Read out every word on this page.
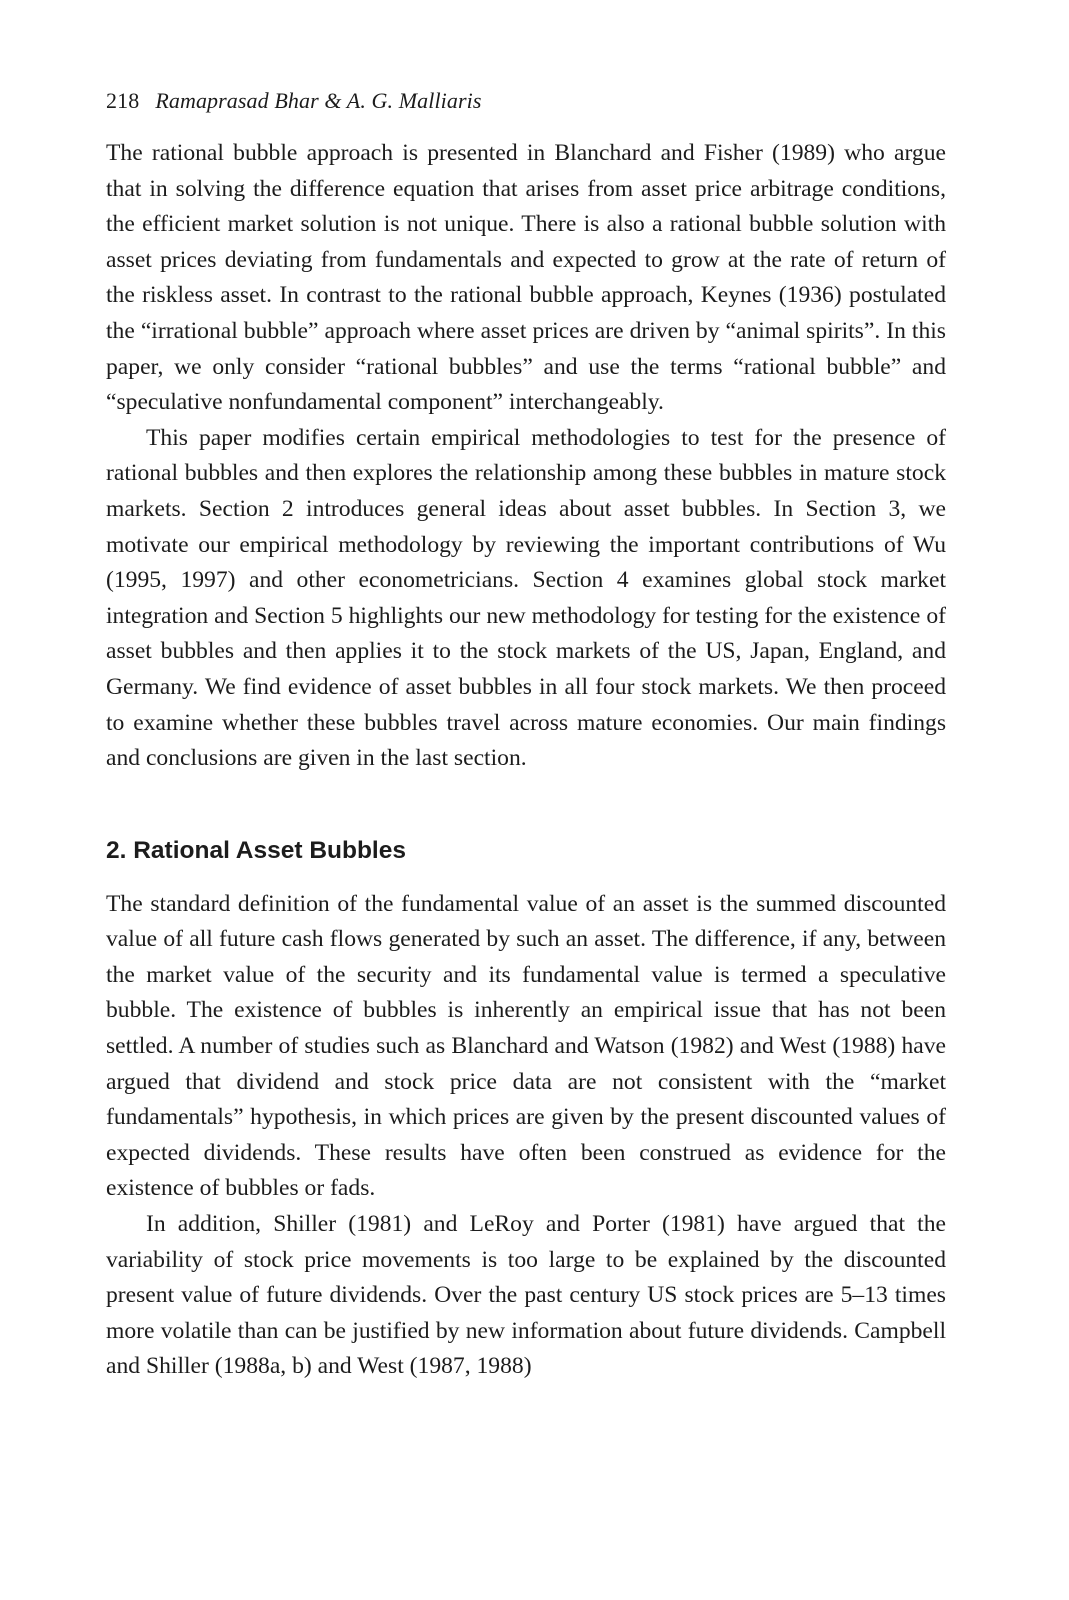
218 Ramaprasad Bhar & A. G. Malliaris

The rational bubble approach is presented in Blanchard and Fisher (1989) who argue that in solving the difference equation that arises from asset price arbitrage conditions, the efficient market solution is not unique. There is also a rational bubble solution with asset prices deviating from fundamentals and expected to grow at the rate of return of the riskless asset. In contrast to the rational bubble approach, Keynes (1936) postulated the “irrational bubble” approach where asset prices are driven by “animal spirits”. In this paper, we only consider “rational bubbles” and use the terms “rational bubble” and “speculative nonfundamental component” interchangeably.

This paper modifies certain empirical methodologies to test for the presence of rational bubbles and then explores the relationship among these bubbles in mature stock markets. Section 2 introduces general ideas about asset bubbles. In Section 3, we motivate our empirical methodology by reviewing the important contributions of Wu (1995, 1997) and other econometricians. Section 4 examines global stock market integration and Section 5 highlights our new methodology for testing for the existence of asset bubbles and then applies it to the stock markets of the US, Japan, England, and Germany. We find evidence of asset bubbles in all four stock markets. We then proceed to examine whether these bubbles travel across mature economies. Our main findings and conclusions are given in the last section.

2. Rational Asset Bubbles

The standard definition of the fundamental value of an asset is the summed discounted value of all future cash flows generated by such an asset. The difference, if any, between the market value of the security and its fundamental value is termed a speculative bubble. The existence of bubbles is inherently an empirical issue that has not been settled. A number of studies such as Blanchard and Watson (1982) and West (1988) have argued that dividend and stock price data are not consistent with the “market fundamentals” hypothesis, in which prices are given by the present discounted values of expected dividends. These results have often been construed as evidence for the existence of bubbles or fads.

In addition, Shiller (1981) and LeRoy and Porter (1981) have argued that the variability of stock price movements is too large to be explained by the discounted present value of future dividends. Over the past century US stock prices are 5–13 times more volatile than can be justified by new information about future dividends. Campbell and Shiller (1988a, b) and West (1987, 1988)
